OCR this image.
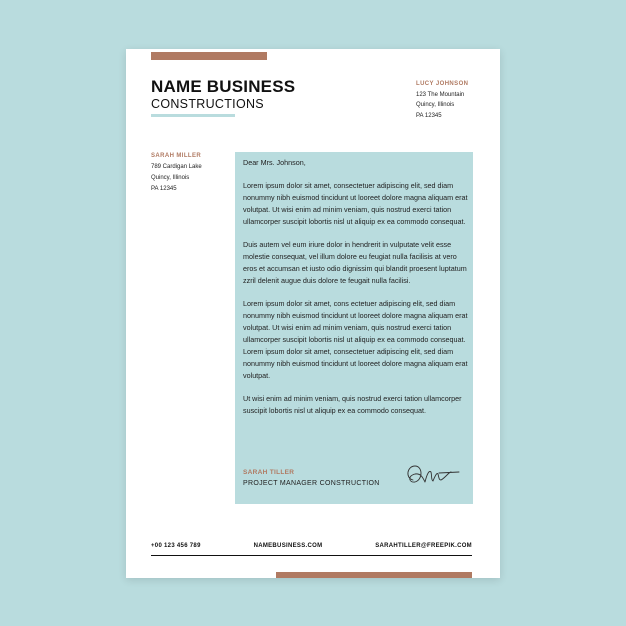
NAME BUSINESS
CONSTRUCTIONS
LUCY JOHNSON
123 The Mountain
Quincy, Illinois
PA 12345
SARAH MILLER
789 Cardigan Lake
Quincy, Illinois
PA 12345

Dear Mrs. Johnson,

Lorem ipsum dolor sit amet, consectetuer adipiscing elit, sed diam nonummy nibh euismod tincidunt ut looreet dolore magna aliquam erat volutpat. Ut wisi enim ad minim veniam, quis nostrud exerci tation ullamcorper suscipit lobortis nisl ut aliquip ex ea commodo consequat.

Duis autem vel eum iriure dolor in hendrerit in vulputate velit esse molestie consequat, vel illum dolore eu feugiat nulla facilisis at vero eros et accumsan et iusto odio dignissim qui blandit proesent luptatum zzril delenit augue duis dolore te feugait nulla facilisi.

Lorem ipsum dolor sit amet, cons ectetuer adipiscing elit, sed diam nonummy nibh euismod tincidunt ut looreet dolore magna aliquam erat volutpat. Ut wisi enim ad minim veniam, quis nostrud exerci tation ullamcorper suscipit lobortis nisl ut aliquip ex ea commodo consequat. Lorem ipsum dolor sit amet, consectetuer adipiscing elit, sed diam nonummy nibh euismod tincidunt ut looreet dolore magna aliquam erat volutpat.

Ut wisi enim ad minim veniam, quis nostrud exerci tation ullamcorper suscipit lobortis nisl ut aliquip ex ea commodo consequat.

SARAH TILLER
PROJECT MANAGER CONSTRUCTION
+00 123 456 789	NAMEBUSINESS.COM	SARAHTILLER@FREEPIK.COM
